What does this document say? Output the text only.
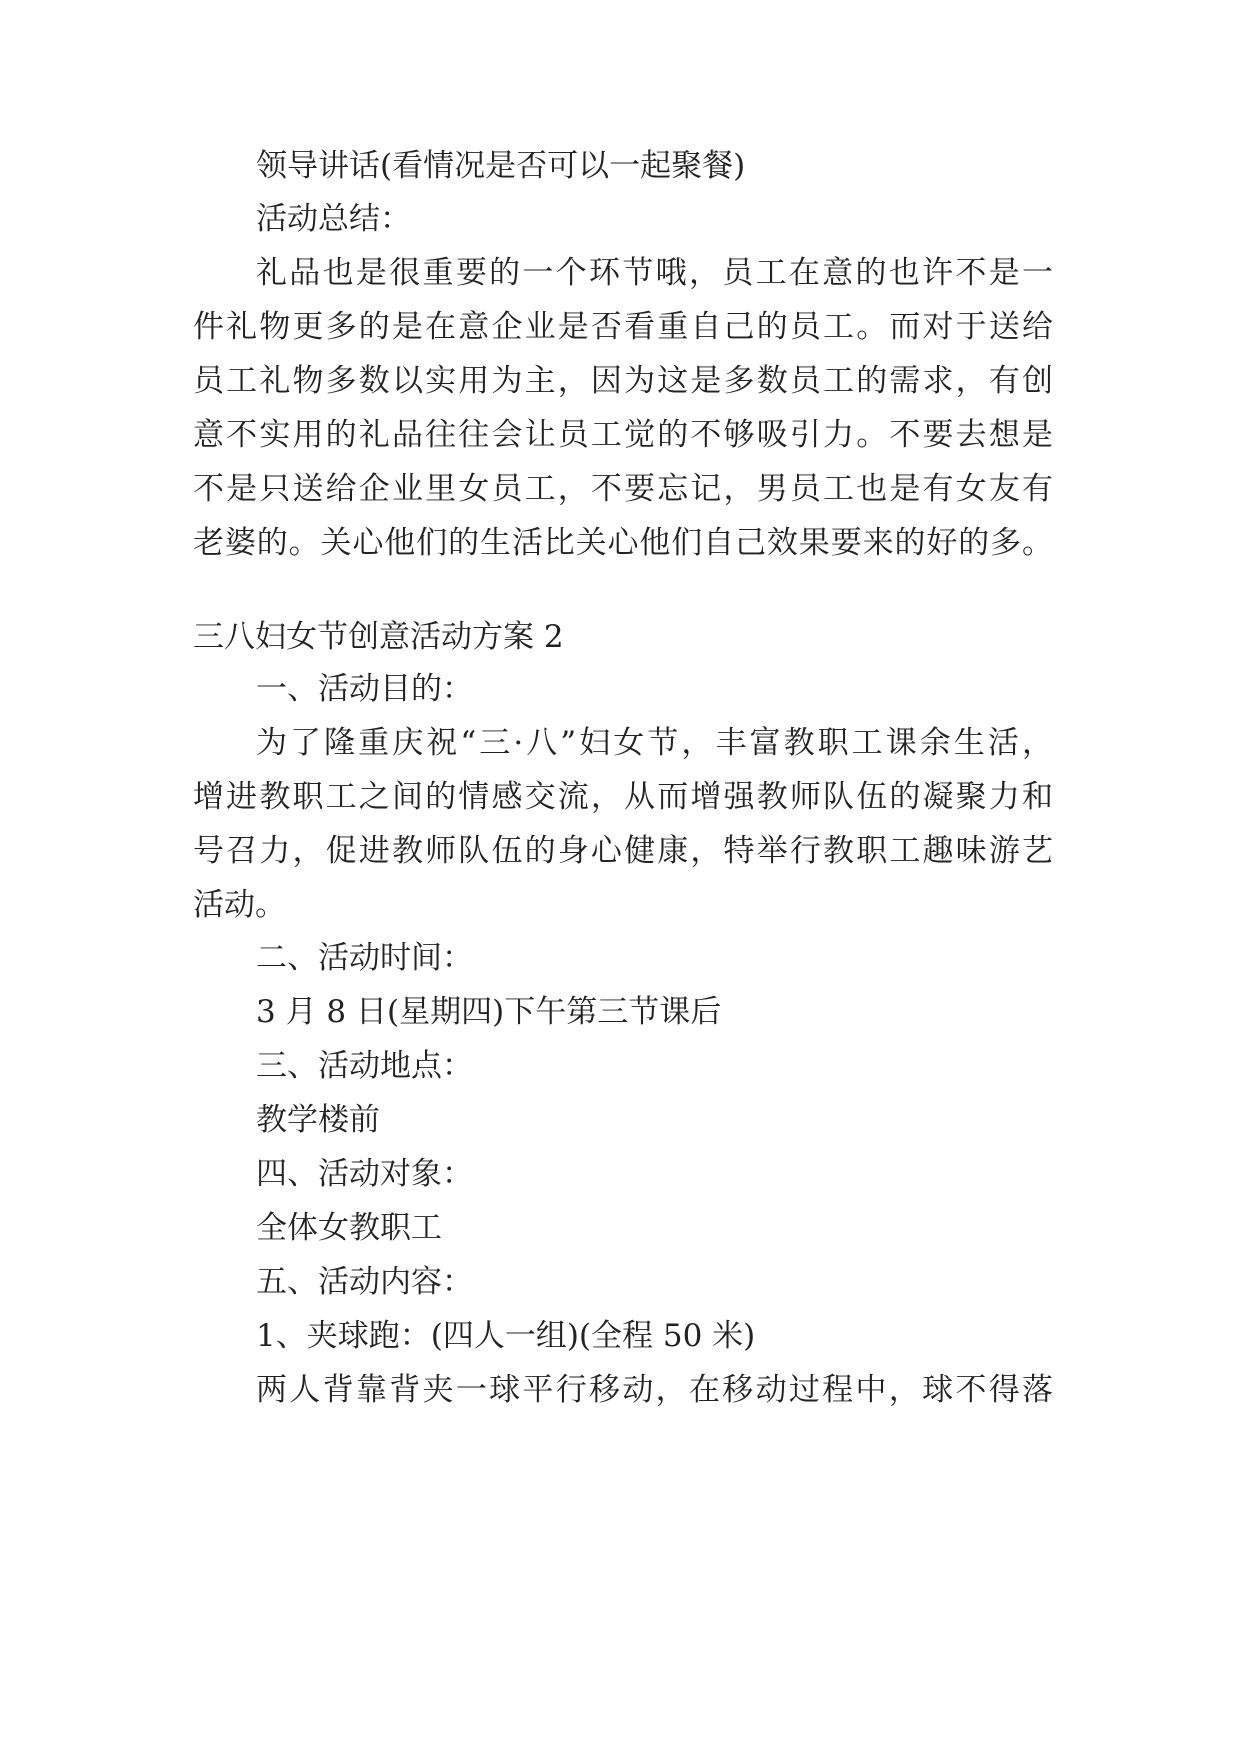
领导讲话(看情况是否可以一起聚餐)
活动总结：
礼品也是很重要的一个环节哦，员工在意的也许不是一
件礼物更多的是在意企业是否看重自己的员工。而对于送给
员工礼物多数以实用为主，因为这是多数员工的需求，有创
意不实用的礼品往往会让员工觉的不够吸引力。不要去想是
不是只送给企业里女员工，不要忘记，男员工也是有女友有
老婆的。关心他们的生活比关心他们自己效果要来的好的多。
三八妇女节创意活动方案 2
一、活动目的：
为了隆重庆祝“三·八”妇女节，丰富教职工课余生活，
增进教职工之间的情感交流，从而增强教师队伍的凝聚力和
号召力，促进教师队伍的身心健康，特举行教职工趣味游艺
活动。
二、活动时间：
3 月 8 日(星期四)下午第三节课后
三、活动地点：
教学楼前
四、活动对象：
全体女教职工
五、活动内容：
1、夹球跑：(四人一组)(全程 50 米)
两人背靠背夹一球平行移动，在移动过程中，球不得落
